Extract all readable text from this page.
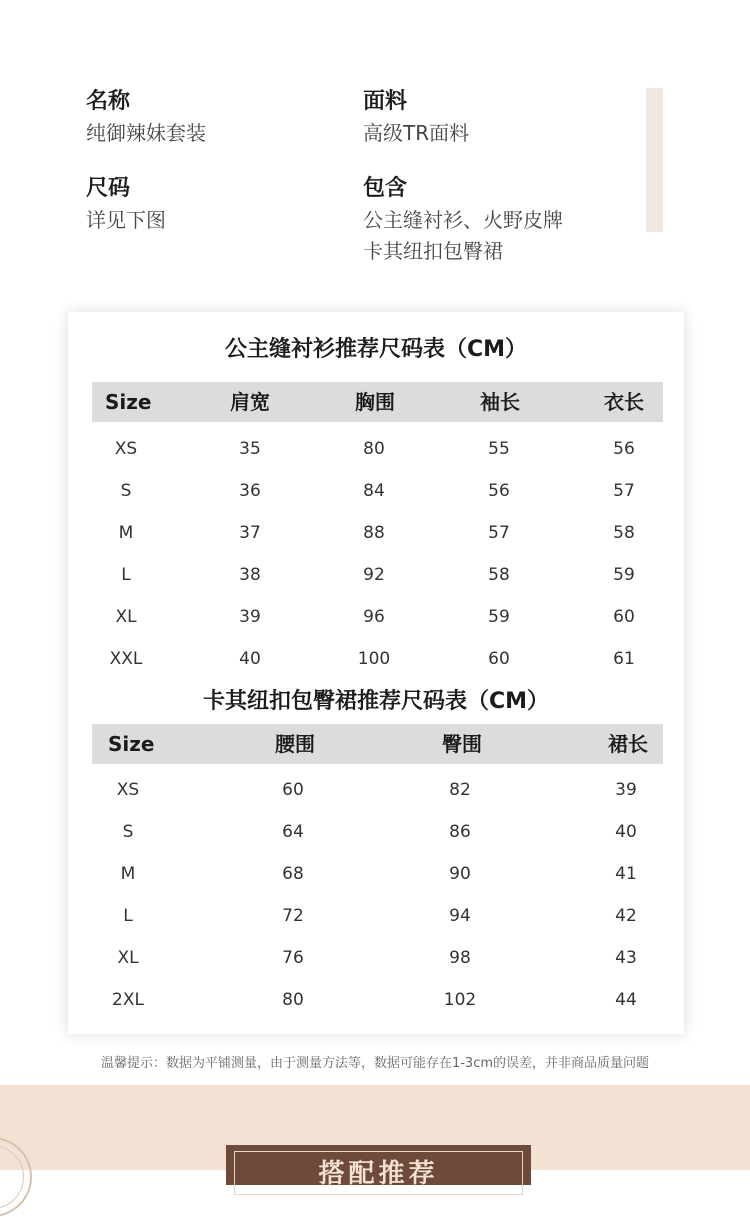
名称
纯御辣妹套装
面料
高级TR面料
尺码
详见下图
包含
公主缝衬衫、火野皮牌
卡其纽扣包臀裙
公主缝衬衫推荐尺码表（CM）
Size	肩宽	胸围	袖长	衣长
XS	35	80	55	56
S	36	84	56	57
M	37	88	57	58
L	38	92	58	59
XL	39	96	59	60
XXL	40	100	60	61
卡其纽扣包臀裙推荐尺码表（CM）
Size	腰围	臀围	裙长
XS	60	82	39
S	64	86	40
M	68	90	41
L	72	94	42
XL	76	98	43
2XL	80	102	44
温馨提示：数据为平铺测量，由于测量方法等，数据可能存在1-3cm的误差，并非商品质量问题
搭配推荐
